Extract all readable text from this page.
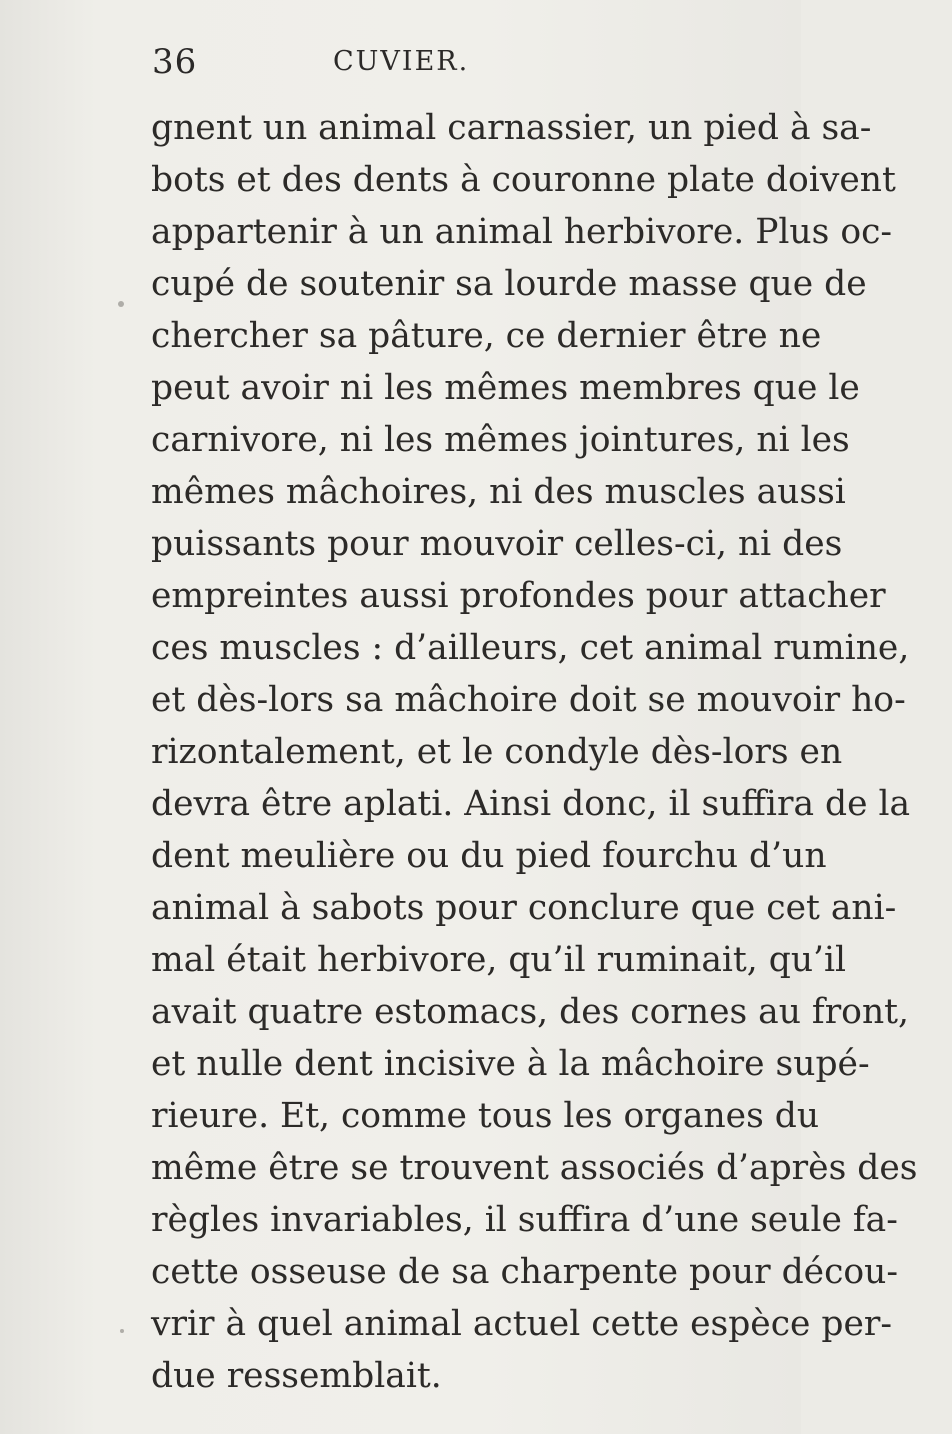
36	CUVIER.
gnent un animal carnassier, un pied à sa-
bots et des dents à couronne plate doivent
appartenir à un animal herbivore. Plus oc-
cupé de soutenir sa lourde masse que de
chercher sa pâture, ce dernier être ne
peut avoir ni les mêmes membres que le
carnivore, ni les mêmes jointures, ni les
mêmes mâchoires, ni des muscles aussi
puissants pour mouvoir celles-ci, ni des
empreintes aussi profondes pour attacher
ces muscles : d’ailleurs, cet animal rumine,
et dès-lors sa mâchoire doit se mouvoir ho-
rizontalement, et le condyle dès-lors en
devra être aplati. Ainsi donc, il suffira de la
dent meulière ou du pied fourchu d’un
animal à sabots pour conclure que cet ani-
mal était herbivore, qu’il ruminait, qu’il
avait quatre estomacs, des cornes au front,
et nulle dent incisive à la mâchoire supé-
rieure. Et, comme tous les organes du
même être se trouvent associés d’après des
règles invariables, il suffira d’une seule fa-
cette osseuse de sa charpente pour décou-
vrir à quel animal actuel cette espèce per-
due ressemblait.
